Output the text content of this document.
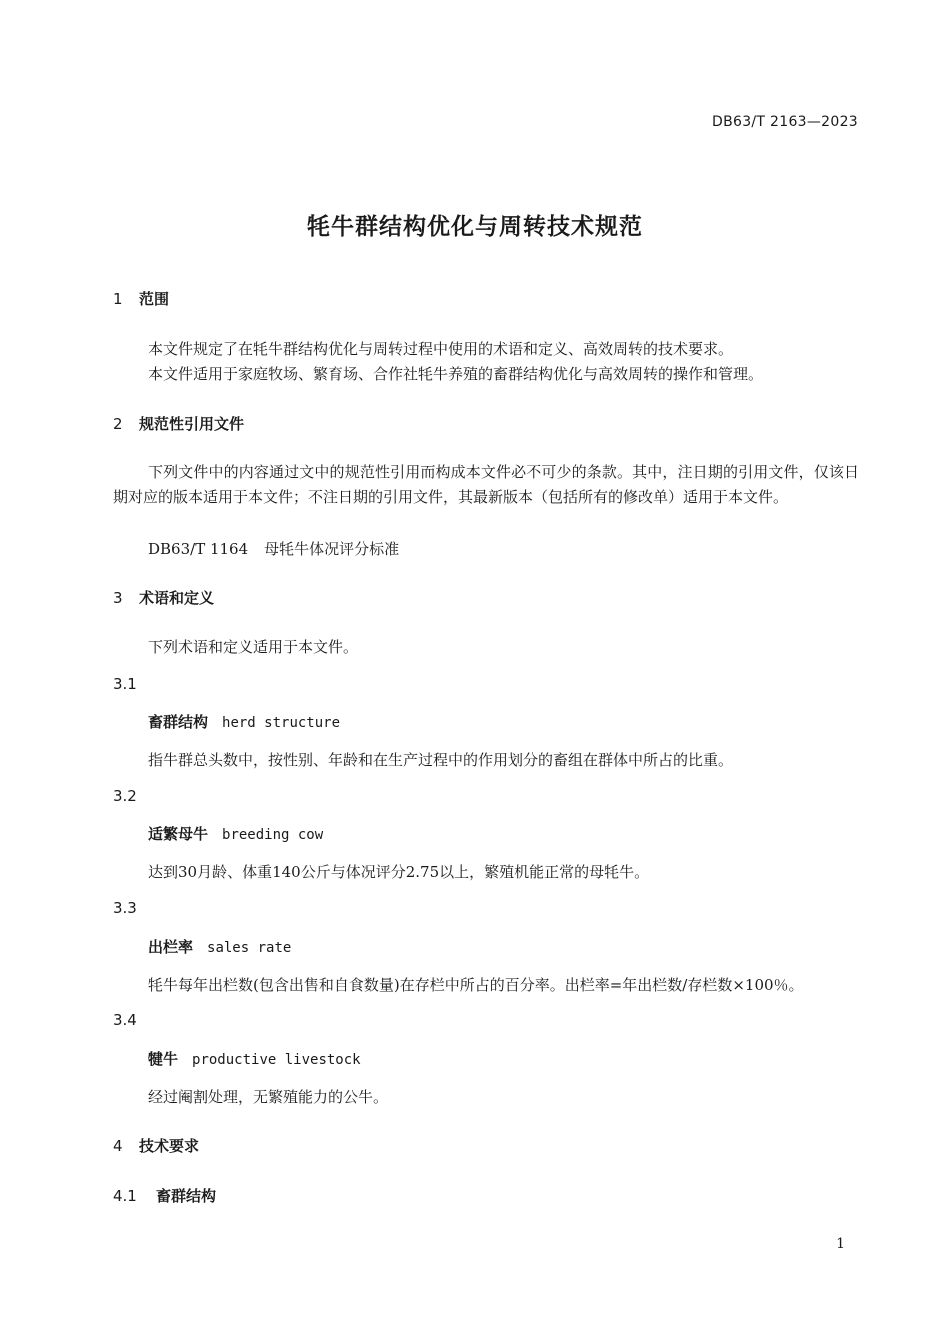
DB63/T 2163—2023
牦牛群结构优化与周转技术规范
1 范围
本文件规定了在牦牛群结构优化与周转过程中使用的术语和定义、高效周转的技术要求。
本文件适用于家庭牧场、繁育场、合作社牦牛养殖的畜群结构优化与高效周转的操作和管理。
2 规范性引用文件
下列文件中的内容通过文中的规范性引用而构成本文件必不可少的条款。其中，注日期的引用文件，仅该日期对应的版本适用于本文件；不注日期的引用文件，其最新版本（包括所有的修改单）适用于本文件。
DB63/T 1164 母牦牛体况评分标准
3 术语和定义
下列术语和定义适用于本文件。
3.1
畜群结构 herd structure
指牛群总头数中，按性别、年龄和在生产过程中的作用划分的畜组在群体中所占的比重。
3.2
适繁母牛 breeding cow
达到30月龄、体重140公斤与体况评分2.75以上，繁殖机能正常的母牦牛。
3.3
出栏率 sales rate
牦牛每年出栏数(包含出售和自食数量)在存栏中所占的百分率。出栏率=年出栏数/存栏数×100％。
3.4
犍牛 productive livestock
经过阉割处理，无繁殖能力的公牛。
4 技术要求
4.1 畜群结构
1
